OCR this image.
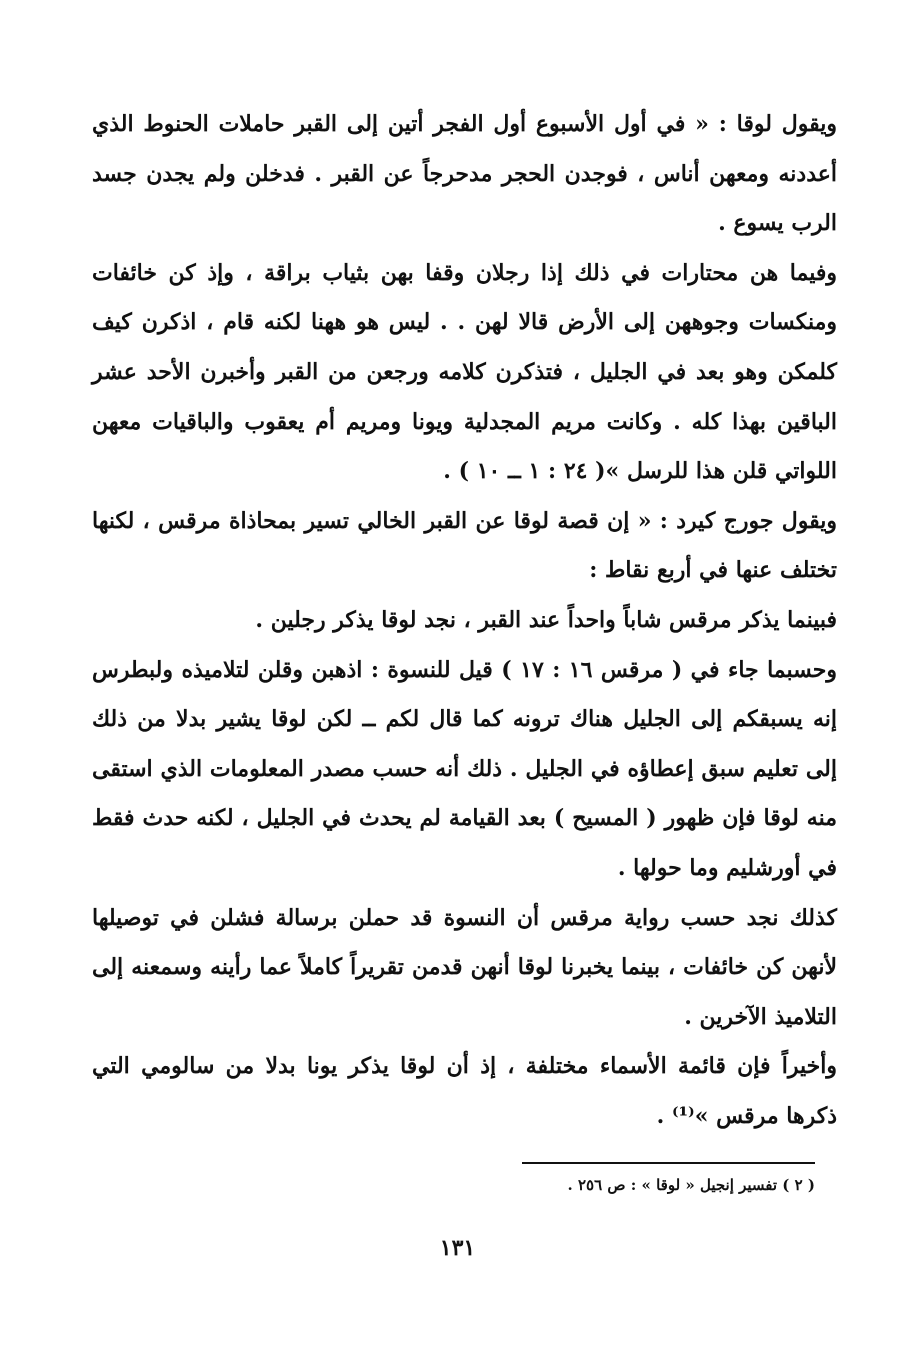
ويقول لوقا : « في أول الأسبوع أول الفجر أتين إلى القبر حاملات الحنوط الذي أعددنه ومعهن أناس ، فوجدن الحجر مدحرجاً عن القبر . فدخلن ولم يجدن جسد الرب يسوع .

وفيما هن محتارات في ذلك إذا رجلان وقفا بهن بثياب براقة ، وإذ كن خائفات ومنكسات وجوههن إلى الأرض قالا لهن . . ليس هو ههنا لكنه قام ، اذكرن كيف كلمكن وهو بعد في الجليل ، فتذكرن كلامه ورجعن من القبر وأخبرن الأحد عشر الباقين بهذا كله . وكانت مريم المجدلية ويونا ومريم أم يعقوب والباقيات معهن اللواتي قلن هذا للرسل »( ٢٤ : ١ ــ ١٠ ) .

ويقول جورج كيرد : « إن قصة لوقا عن القبر الخالي تسير بمحاذاة مرقس ، لكنها تختلف عنها في أربع نقاط :

فبينما يذكر مرقس شاباً واحداً عند القبر ، نجد لوقا يذكر رجلين .

وحسبما جاء في ( مرقس ١٦ : ١٧ ) قيل للنسوة : اذهبن وقلن لتلاميذه ولبطرس إنه يسبقكم إلى الجليل هناك ترونه كما قال لكم ــ لكن لوقا يشير بدلا من ذلك إلى تعليم سبق إعطاؤه في الجليل . ذلك أنه حسب مصدر المعلومات الذي استقى منه لوقا فإن ظهور ( المسيح ) بعد القيامة لم يحدث في الجليل ، لكنه حدث فقط في أورشليم وما حولها .

كذلك نجد حسب رواية مرقس أن النسوة قد حملن برسالة فشلن في توصيلها لأنهن كن خائفات ، بينما يخبرنا لوقا أنهن قدمن تقريراً كاملاً عما رأينه وسمعنه إلى التلاميذ الآخرين .

وأخيراً فإن قائمة الأسماء مختلفة ، إذ أن لوقا يذكر يونا بدلا من سالومي التي ذكرها مرقس »⁽¹⁾ .

( ٢ ) تفسير إنجيل « لوقا » : ص ٢٥٦ .
١٣١
